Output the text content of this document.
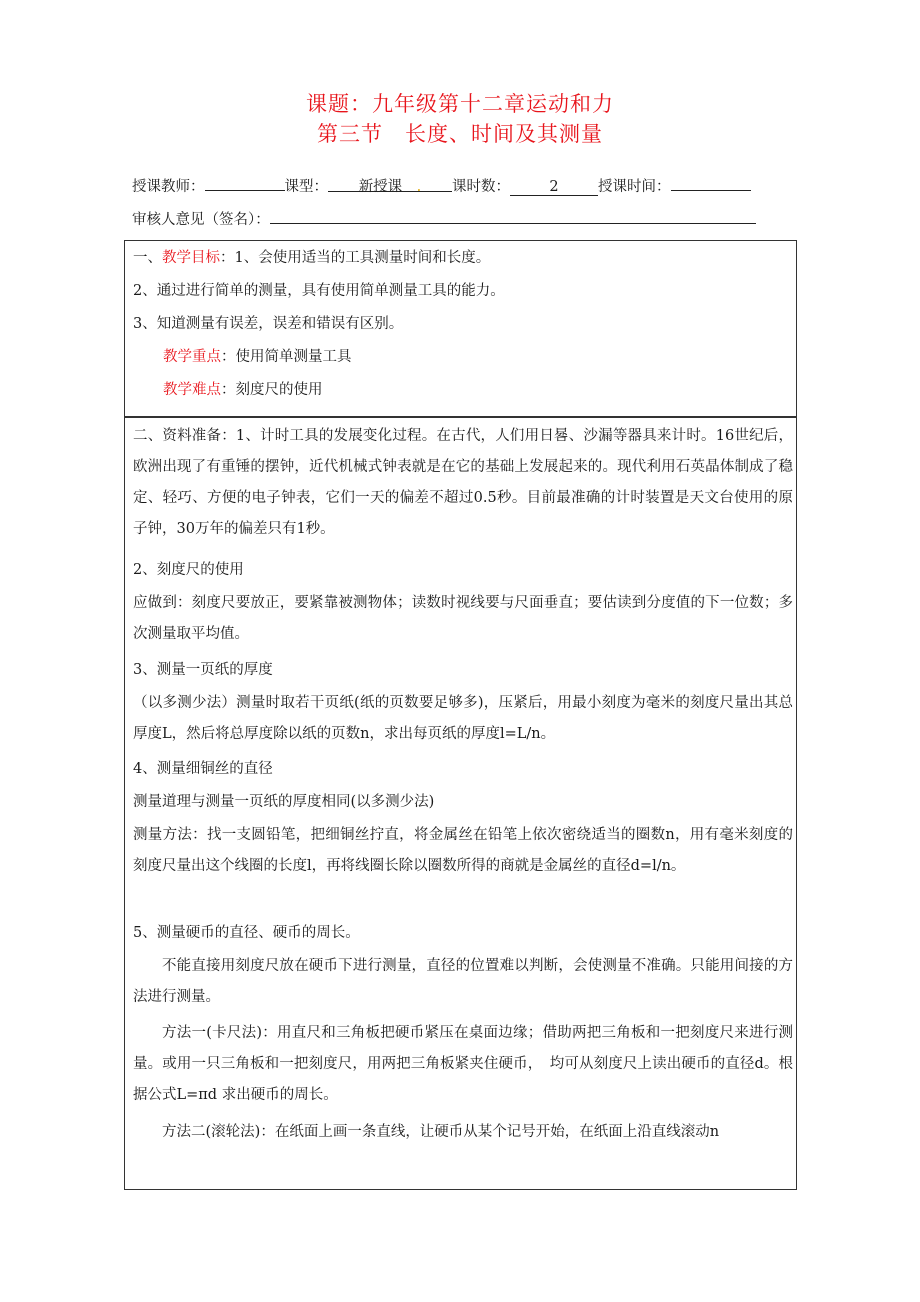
课题：九年级第十二章运动和力
第三节　长度、时间及其测量
授课教师：	课型： 新授课　. 课时数：	2	授课时间：
审核人意见（签名）：
一、教学目标：1、会使用适当的工具测量时间和长度。
2、通过进行简单的测量，具有使用简单测量工具的能力。
3、知道测量有误差，误差和错误有区别。
教学重点：使用简单测量工具
教学难点：刻度尺的使用
二、资料准备：1、计时工具的发展变化过程。在古代，人们用日晷、沙漏等器具来计时。16世纪后，欧洲出现了有重锤的摆钟，近代机械式钟表就是在它的基础上发展起来的。现代利用石英晶体制成了稳定、轻巧、方便的电子钟表，它们一天的偏差不超过0.5秒。目前最准确的计时装置是天文台使用的原子钟，30万年的偏差只有1秒。
2、刻度尺的使用
应做到：刻度尺要放正，要紧靠被测物体；读数时视线要与尺面垂直；要估读到分度值的下一位数；多次测量取平均值。
3、测量一页纸的厚度
（以多测少法）测量时取若干页纸(纸的页数要足够多)，压紧后，用最小刻度为毫米的刻度尺量出其总厚度L，然后将总厚度除以纸的页数n，求出每页纸的厚度l=L/n。
4、测量细铜丝的直径
测量道理与测量一页纸的厚度相同(以多测少法)
测量方法：找一支圆铅笔，把细铜丝拧直，将金属丝在铅笔上依次密绕适当的圈数n，用有毫米刻度的刻度尺量出这个线圈的长度l，再将线圈长除以圈数所得的商就是金属丝的直径d=l/n。
5、测量硬币的直径、硬币的周长。
不能直接用刻度尺放在硬币下进行测量，直径的位置难以判断，会使测量不准确。只能用间接的方法进行测量。
方法一(卡尺法)：用直尺和三角板把硬币紧压在桌面边缘；借助两把三角板和一把刻度尺来进行测量。或用一只三角板和一把刻度尺，用两把三角板紧夹住硬币，　均可从刻度尺上读出硬币的直径d。根据公式L=πd 求出硬币的周长。
方法二(滚轮法)：在纸面上画一条直线，让硬币从某个记号开始，在纸面上沿直线滚动n
